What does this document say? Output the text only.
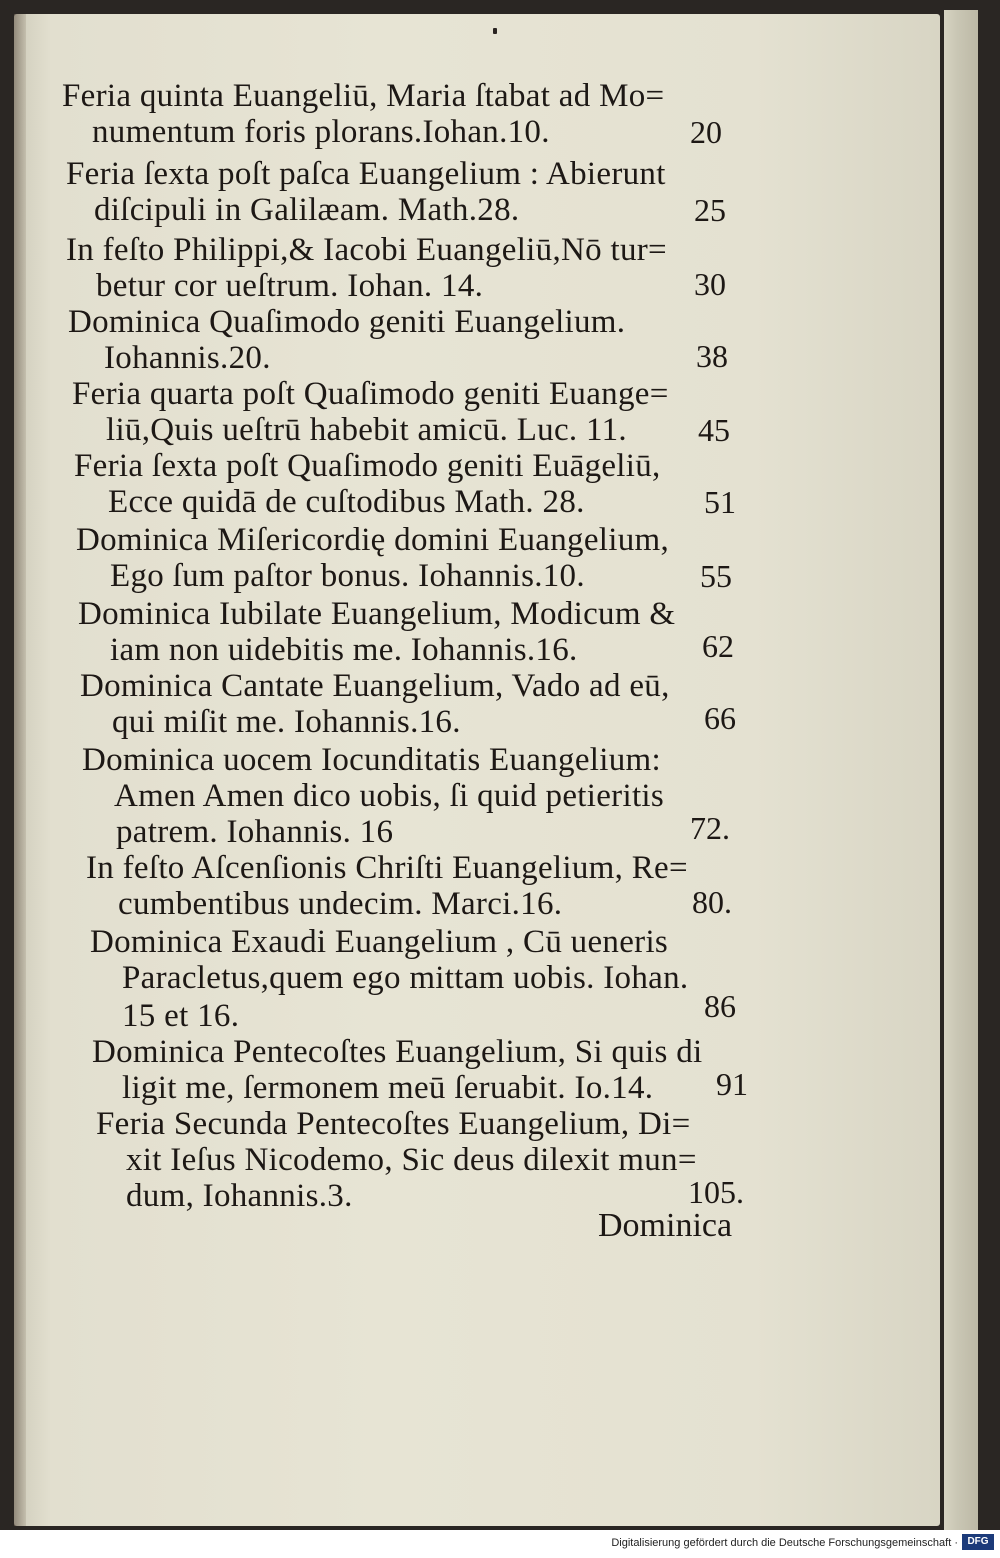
Feria quinta Euangeliū, Maria ſtabat ad Mo=
numentum foris plorans.Iohan.10.	20
Feria ſexta poſt paſca Euangelium : Abierunt
diſcipuli in Galilæam. Math.28.	25
In feſto Philippi,& Iacobi Euangeliū,Nō tur=
betur cor ueſtrum. Iohan. 14.	30
Dominica Quaſimodo geniti Euangelium.
Iohannis.20.	38
Feria quarta poſt Quaſimodo geniti Euange=
liū,Quis ueſtrū habebit amicū. Luc. 11. 45
Feria ſexta poſt Quaſimodo geniti Euāgeliū,
Ecce quidā de cuſtodibus Math. 28.	51
Dominica Miſericordię domini Euangelium,
Ego ſum paſtor bonus. Iohannis.10.	55
Dominica Iubilate Euangelium, Modicum &
iam non uidebitis me. Iohannis.16.	62
Dominica Cantate Euangelium, Vado ad eū,
qui miſit me. Iohannis.16.	66
Dominica uocem Iocunditatis Euangelium:
Amen Amen dico uobis, ſi quid petieritis
patrem. Iohannis. 16	72.
In feſto Aſcenſionis Chriſti Euangelium, Re=
cumbentibus undecim. Marci.16.	80.
Dominica Exaudi Euangelium , Cū ueneris
Paracletus,quem ego mittam uobis. Iohan.
15 et 16.	86
Dominica Pentecoſtes Euangelium, Si quis di
ligit me, ſermonem meū ſeruabit. Io.14. 91
Feria Secunda Pentecoſtes Euangelium, Di=
xit Ieſus Nicodemo, Sic deus dilexit mun=
dum, Iohannis.3.	105.
Dominica
Digitalisierung gefördert durch die Deutsche Forschungsgemeinschaft · DFG
